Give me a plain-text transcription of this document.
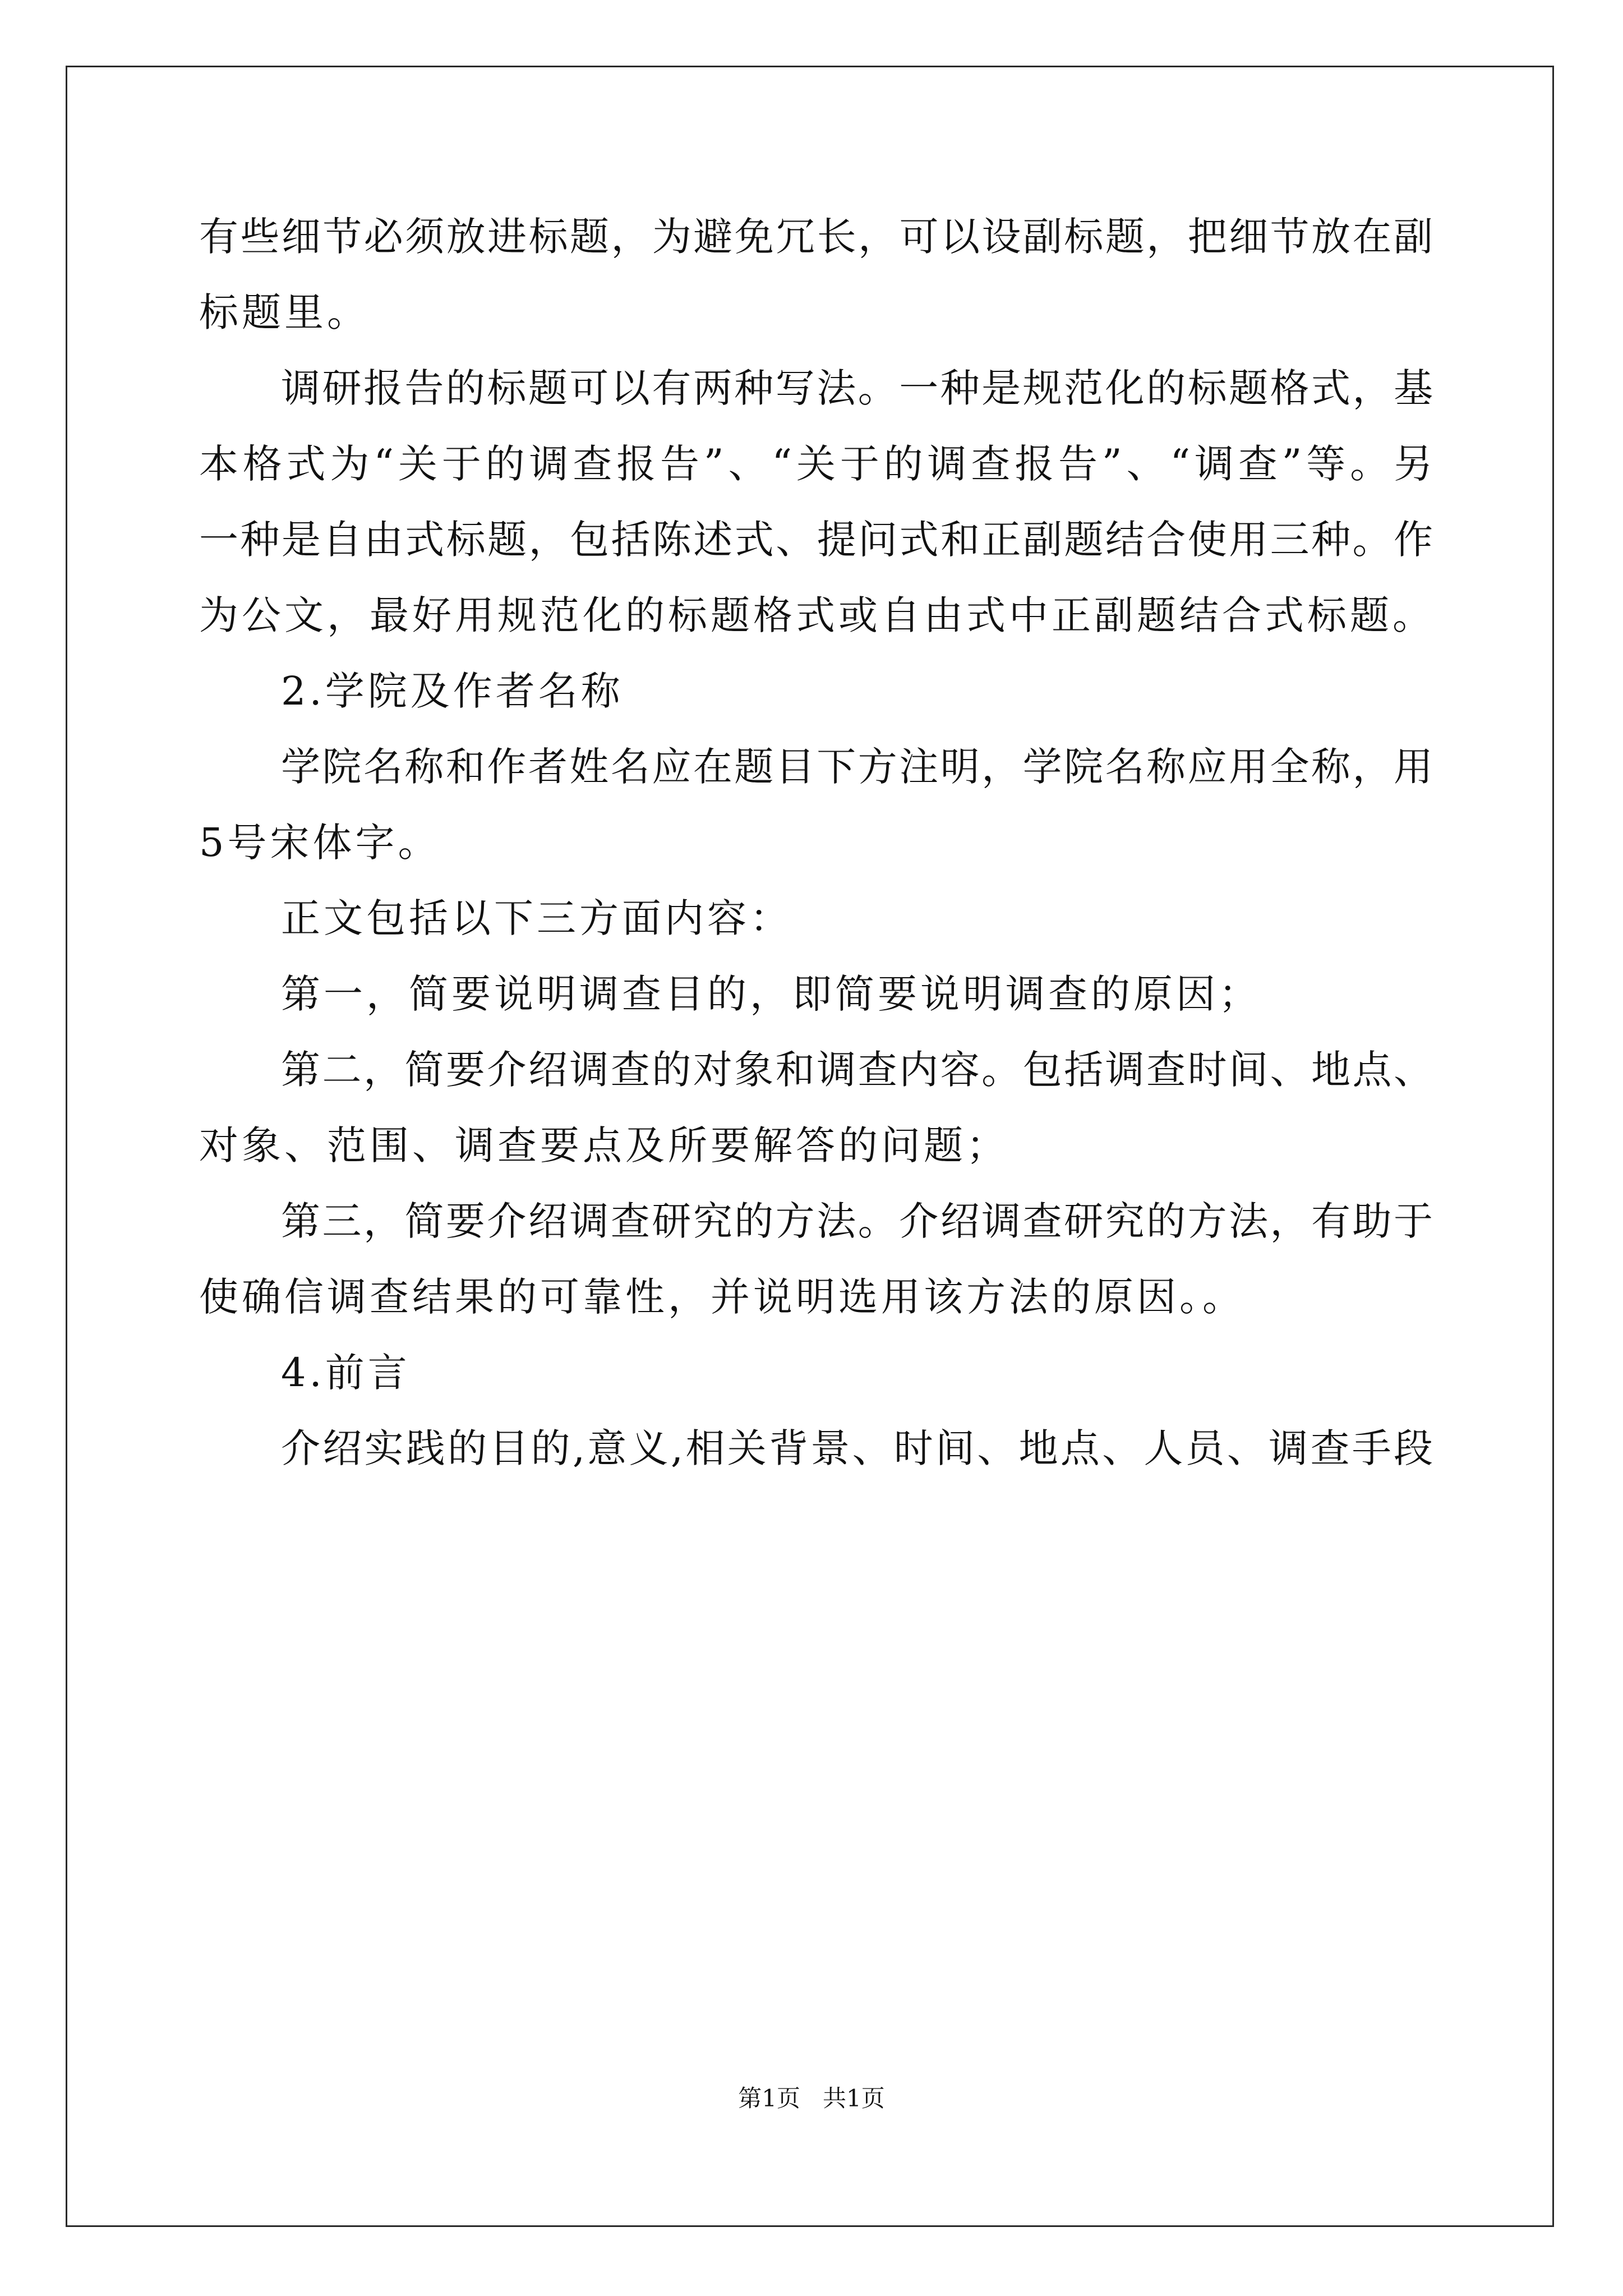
有些细节必须放进标题，为避免冗长，可以设副标题，把细节放在副
标题里。
调研报告的标题可以有两种写法。一种是规范化的标题格式，基
本格式为“关于的调查报告”、“关于的调查报告”、“调查”等。另
一种是自由式标题，包括陈述式、提问式和正副题结合使用三种。作
为公文，最好用规范化的标题格式或自由式中正副题结合式标题。
2.学院及作者名称
学院名称和作者姓名应在题目下方注明，学院名称应用全称，用
5号宋体字。
正文包括以下三方面内容：
第一，简要说明调查目的，即简要说明调查的原因；
第二，简要介绍调查的对象和调查内容。包括调查时间、地点、
对象、范围、调查要点及所要解答的问题；
第三，简要介绍调查研究的方法。介绍调查研究的方法，有助于
使确信调查结果的可靠性，并说明选用该方法的原因。。
4.前言
介绍实践的目的,意义,相关背景、时间、地点、人员、调查手段
第1页   共1页
